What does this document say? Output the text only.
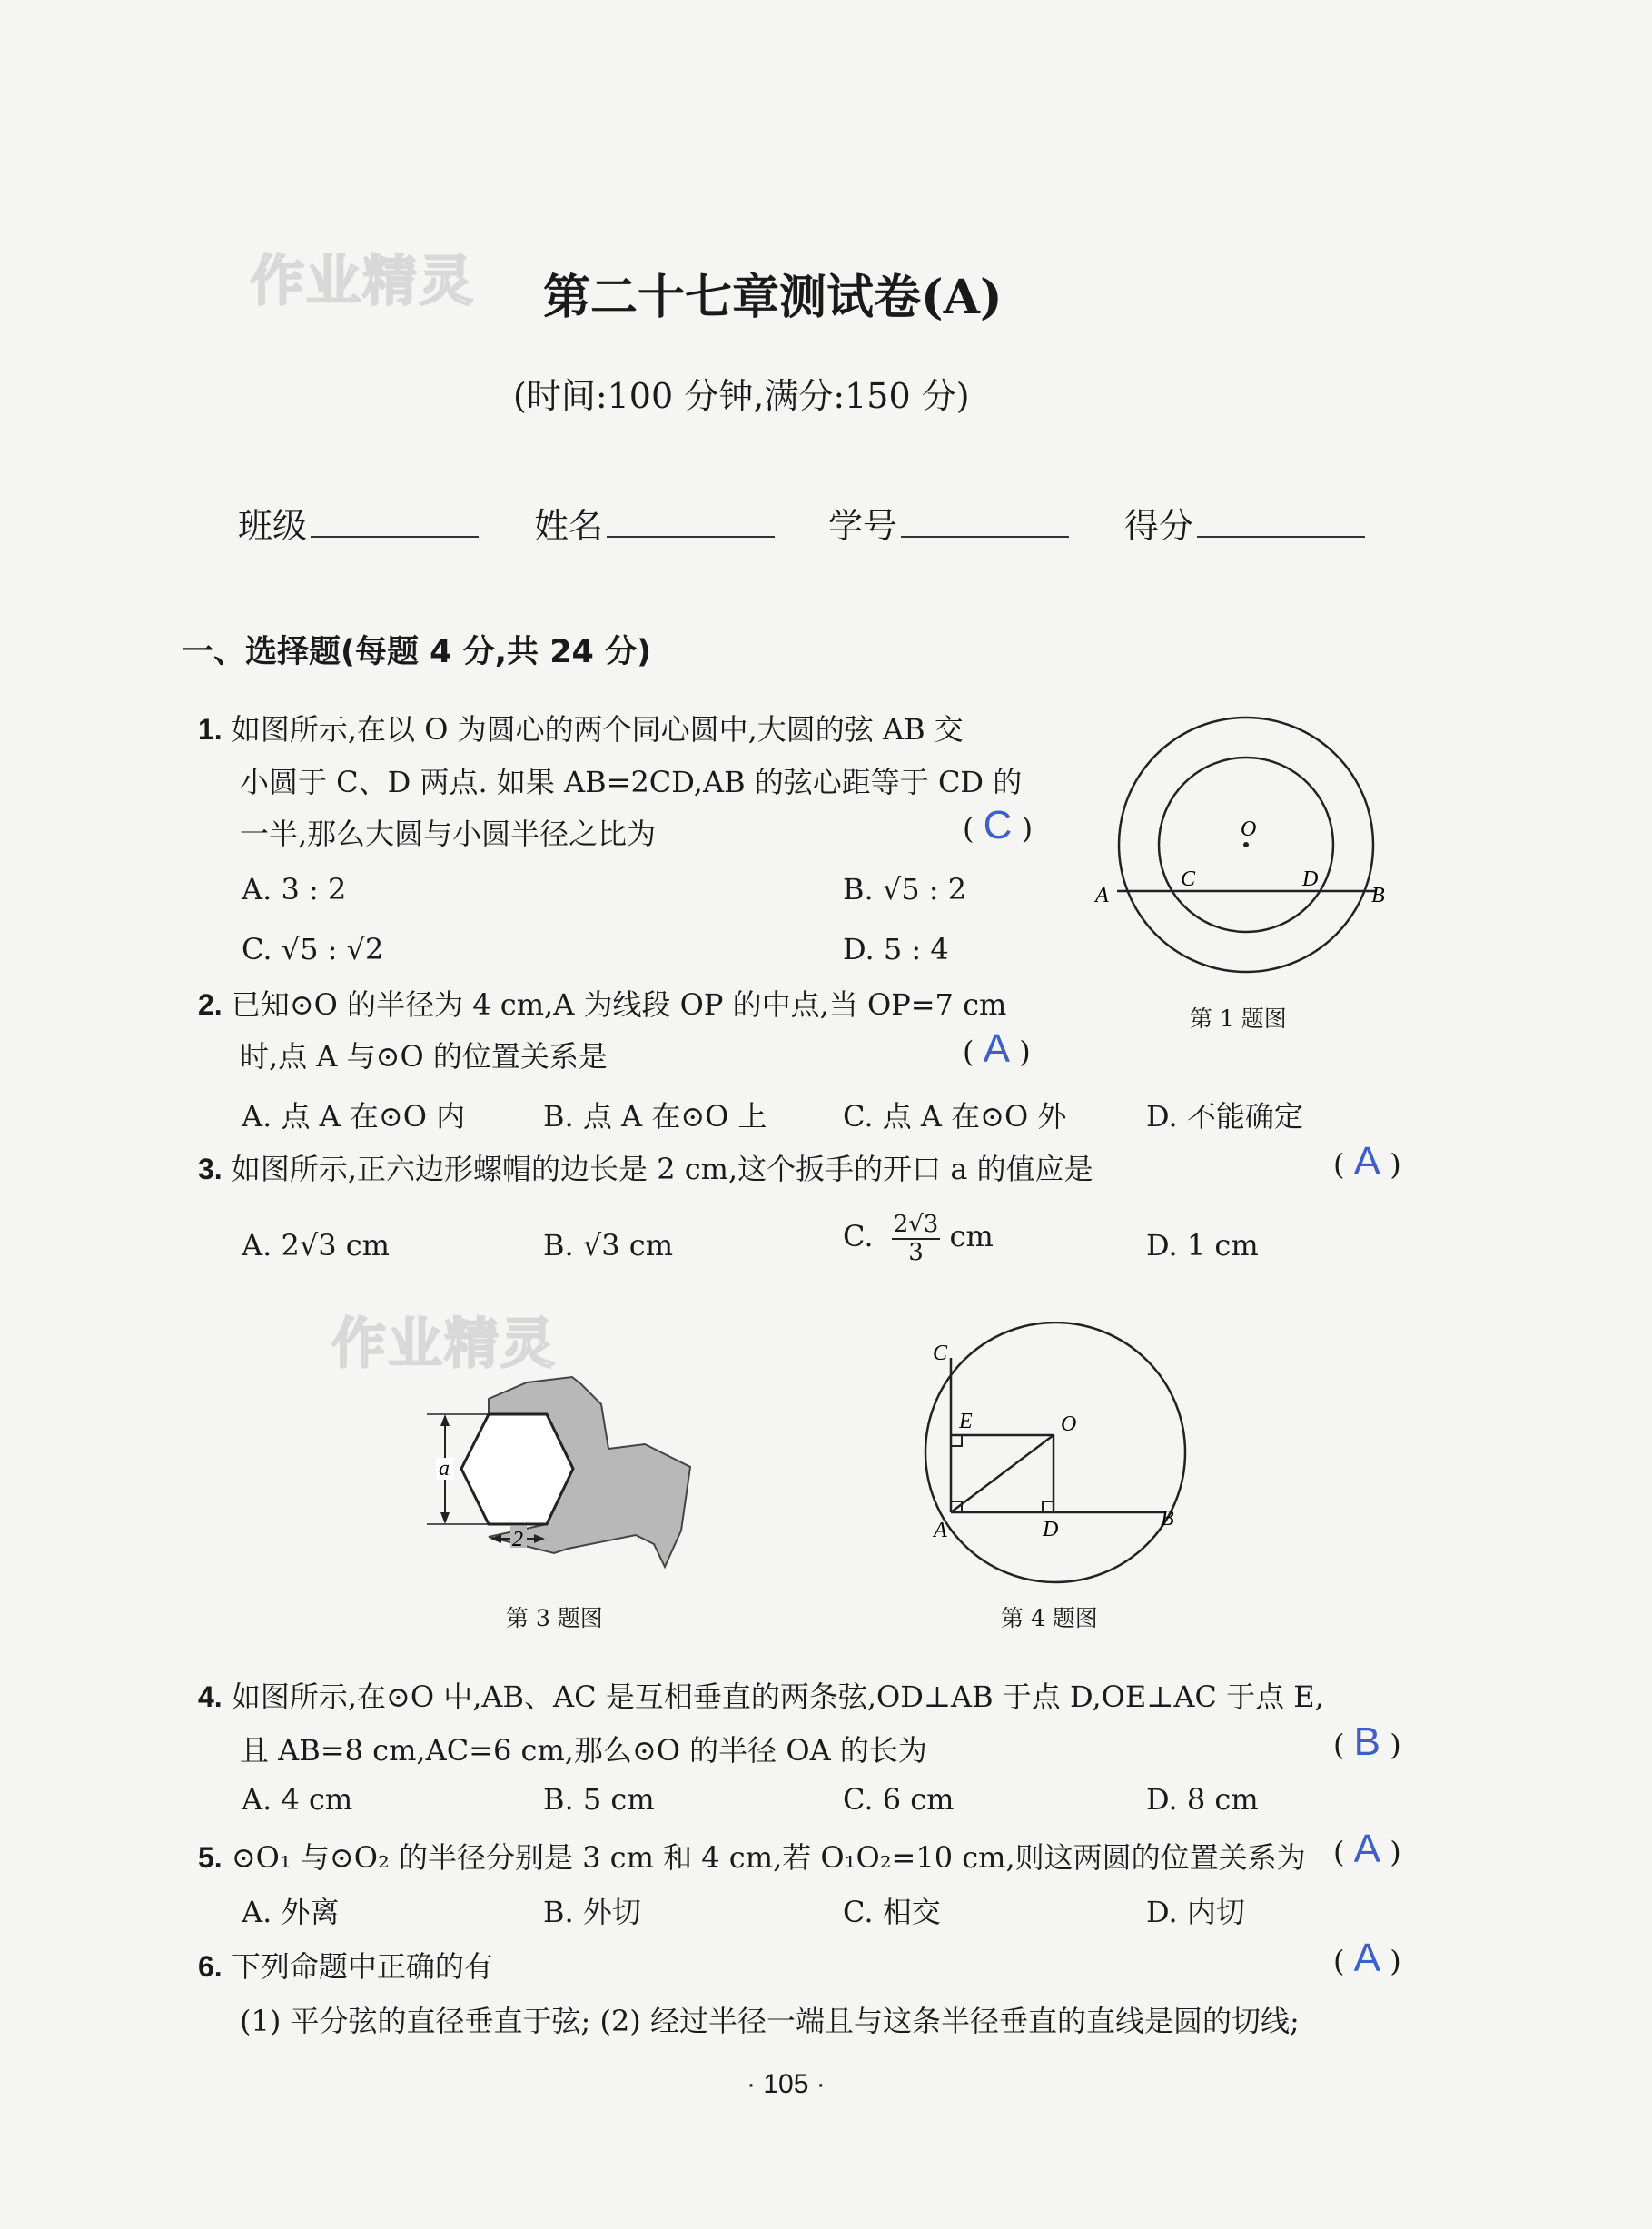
作业精灵
作业精灵
第二十七章测试卷(A)
(时间:100 分钟,满分:150 分)
班级	姓名	学号	得分
一、选择题(每题 4 分,共 24 分)
1. 如图所示,在以 O 为圆心的两个同心圆中,大圆的弦 AB 交
小圆于 C、D 两点. 如果 AB=2CD,AB 的弦心距等于 CD 的
一半,那么大圆与小圆半径之比为	( C )
A. 3 : 2	B. √5 : 2
C. √5 : √2	D. 5 : 4
O
A	B
C	D
第 1 题图
2. 已知⊙O 的半径为 4 cm,A 为线段 OP 的中点,当 OP=7 cm
时,点 A 与⊙O 的位置关系是	( A )
A. 点 A 在⊙O 内	B. 点 A 在⊙O 上	C. 点 A 在⊙O 外	D. 不能确定
3. 如图所示,正六边形螺帽的边长是 2 cm,这个扳手的开口 a 的值应是	( A )
A. 2√3 cm	B. √3 cm	C. $\frac{2√3}{3}$ cm	D. 1 cm
a
2
第 3 题图
C
E	O
A	D	B
第 4 题图
4. 如图所示,在⊙O 中,AB、AC 是互相垂直的两条弦,OD⊥AB 于点 D,OE⊥AC 于点 E,
且 AB=8 cm,AC=6 cm,那么⊙O 的半径 OA 的长为	( B )
A. 4 cm	B. 5 cm	C. 6 cm	D. 8 cm
5. ⊙O₁ 与⊙O₂ 的半径分别是 3 cm 和 4 cm,若 O₁O₂=10 cm,则这两圆的位置关系为 ( A )
A. 外离	B. 外切	C. 相交	D. 内切
6. 下列命题中正确的有	( A )
(1) 平分弦的直径垂直于弦; (2) 经过半径一端且与这条半径垂直的直线是圆的切线;
· 105 ·
